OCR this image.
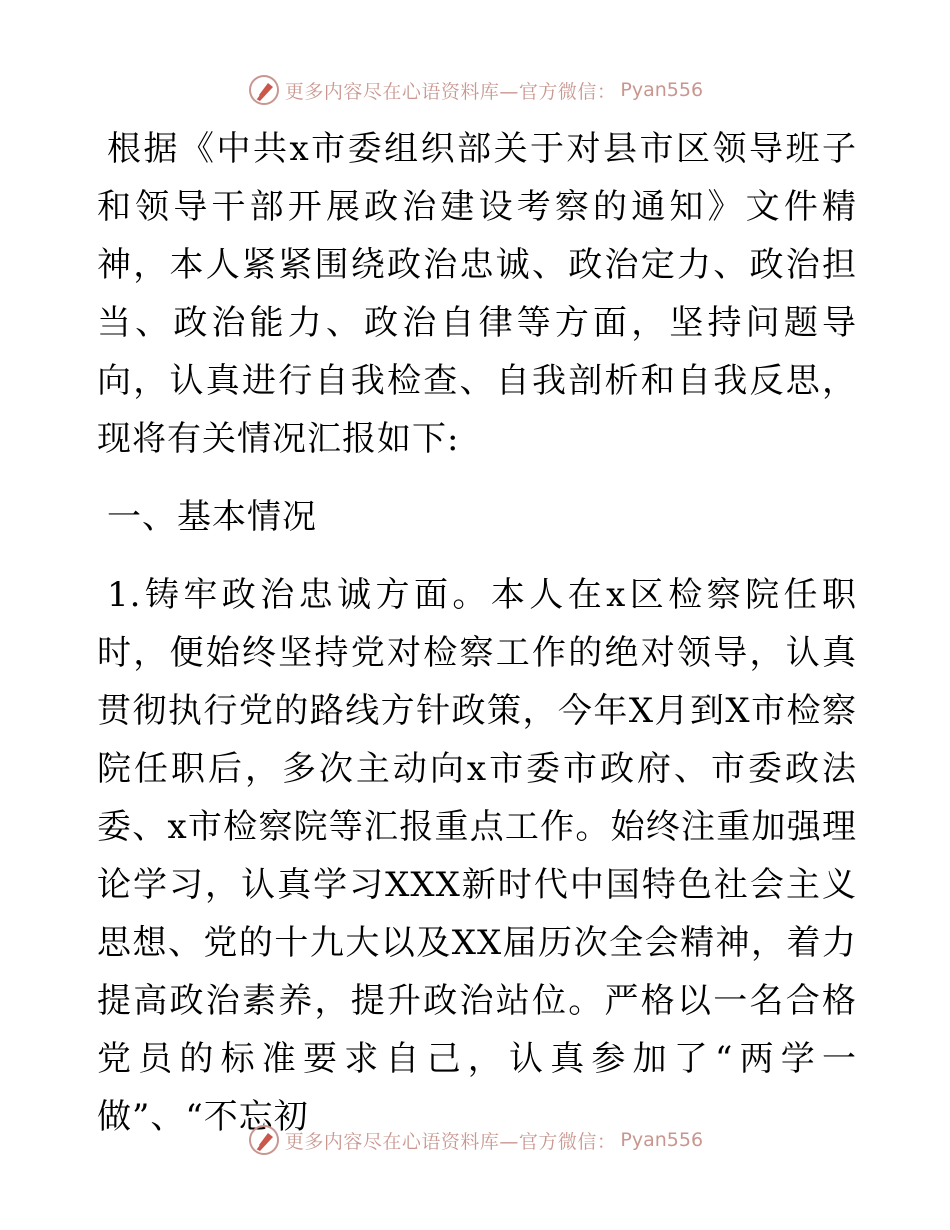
更多内容尽在心语资料库—官方微信： Pyan556

根据《中共x市委组织部关于对县市区领导班子和领导干部开展政治建设考察的通知》文件精神，本人紧紧围绕政治忠诚、政治定力、政治担当、政治能力、政治自律等方面，坚持问题导向，认真进行自我检查、自我剖析和自我反思，现将有关情况汇报如下:

一、基本情况

1.铸牢政治忠诚方面。本人在x区检察院任职时，便始终坚持党对检察工作的绝对领导，认真贯彻执行党的路线方针政策，今年X月到X市检察院任职后，多次主动向x市委市政府、市委政法委、x市检察院等汇报重点工作。始终注重加强理论学习，认真学习XXX新时代中国特色社会主义思想、党的十九大以及XX届历次全会精神，着力提高政治素养，提升政治站位。严格以一名合格党员的标准要求自己，认真参加了“两学一做”、“不忘初

更多内容尽在心语资料库—官方微信： Pyan556
